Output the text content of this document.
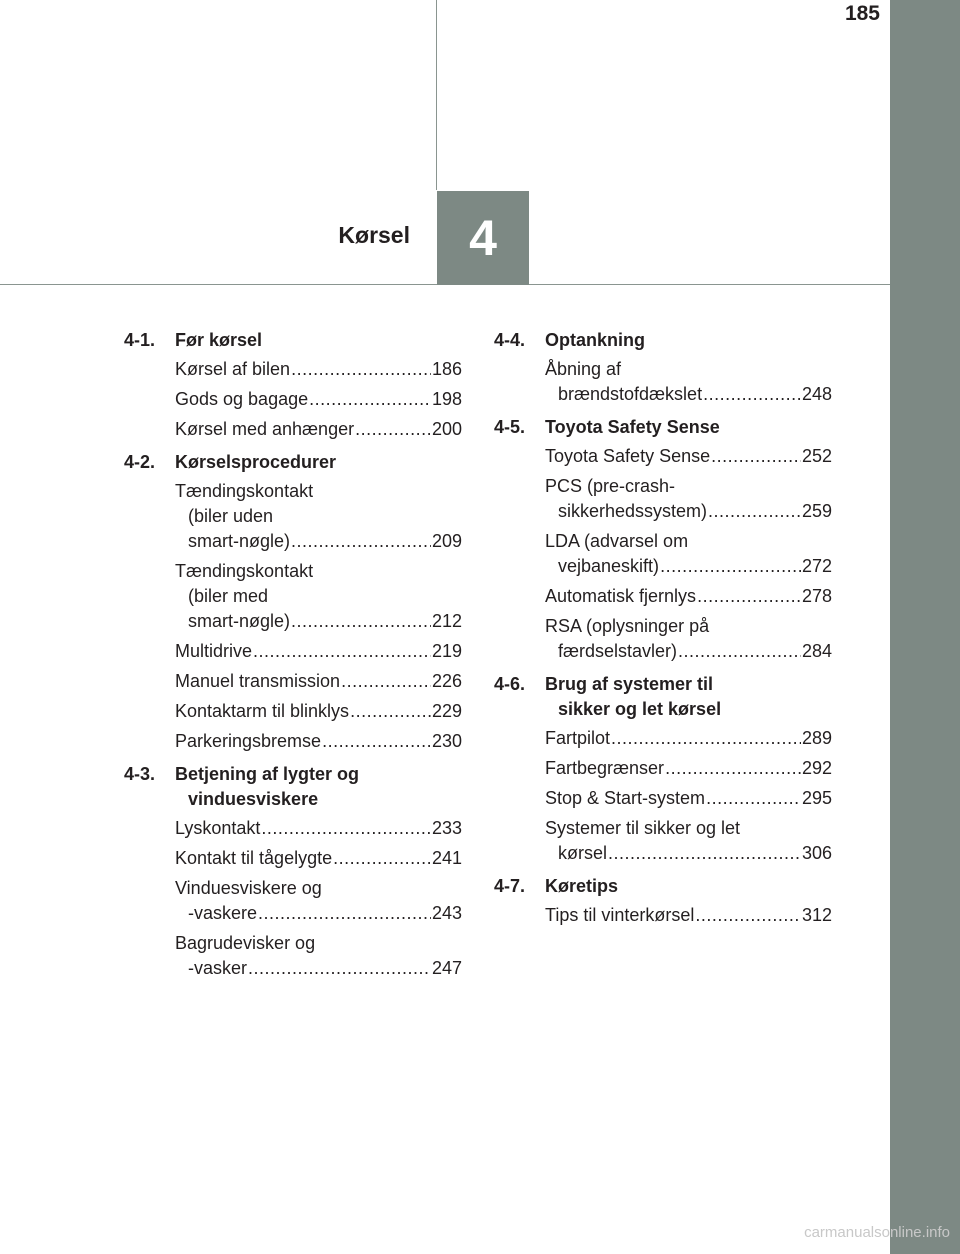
185
4
Kørsel
4-1.	Før kørsel
Kørsel af bilen .....	186
Gods og bagage .....	198
Kørsel med anhænger .....	200
4-2.	Kørselsprocedurer
Tændingskontakt
(biler uden
smart-nøgle) .....	209
Tændingskontakt
(biler med
smart-nøgle) .....	212
Multidrive .....	219
Manuel transmission .....	226
Kontaktarm til blinklys .....	229
Parkeringsbremse .....	230
4-3.	Betjening af lygter og
vinduesviskere
Lyskontakt .....	233
Kontakt til tågelygte .....	241
Vinduesviskere og
-vaskere .....	243
Bagrudevisker og
-vasker .....	247
4-4.	Optankning
Åbning af
brændstofdækslet .....	248
4-5.	Toyota Safety Sense
Toyota Safety Sense .....	252
PCS (pre-crash-
sikkerhedssystem) .....	259
LDA (advarsel om
vejbaneskift) .....	272
Automatisk fjernlys .....	278
RSA (oplysninger på
færdselstavler) .....	284
4-6.	Brug af systemer til
sikker og let kørsel
Fartpilot .....	289
Fartbegrænser .....	292
Stop & Start-system .....	295
Systemer til sikker og let
kørsel .....	306
4-7.	Køretips
Tips til vinterkørsel .....	312
carmanualsonline.info
